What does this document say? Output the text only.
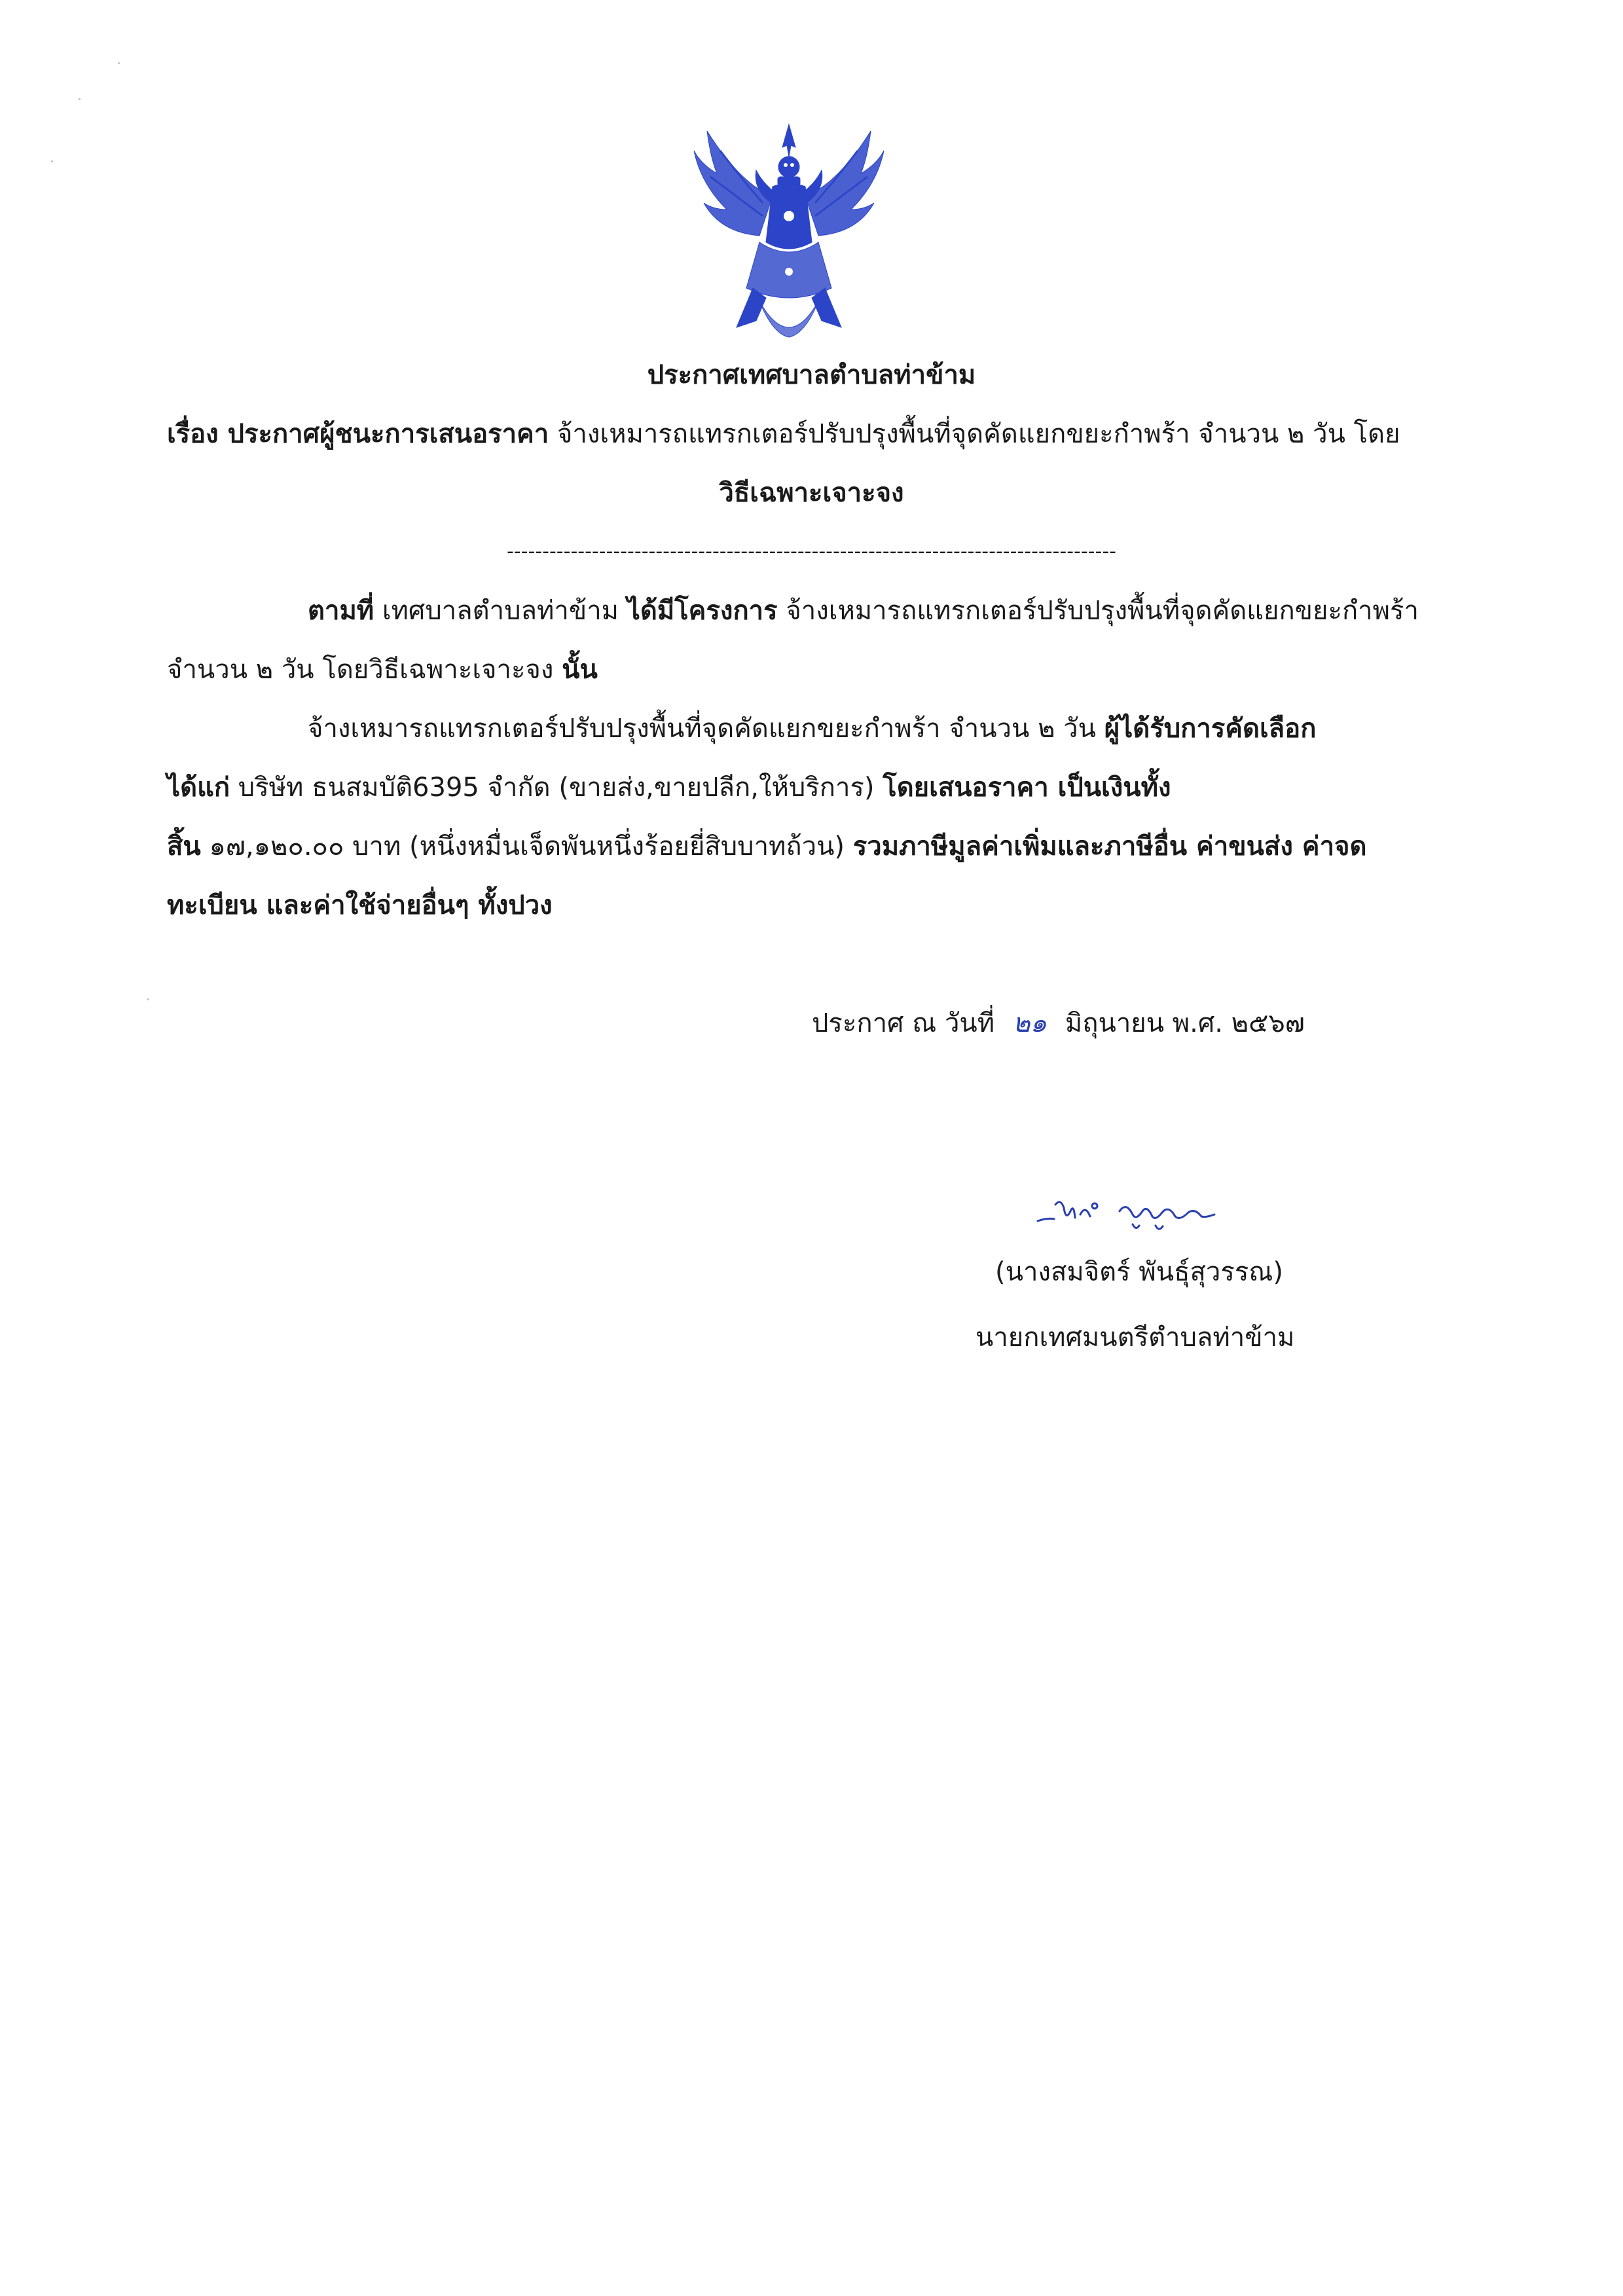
ประกาศเทศบาลตำบลท่าข้าม
เรื่อง ประกาศผู้ชนะการเสนอราคา จ้างเหมารถแทรกเตอร์ปรับปรุงพื้นที่จุดคัดแยกขยะกำพร้า จำนวน ๒ วัน โดย
วิธีเฉพาะเจาะจง
--------------------------------------------------------------------------------------
ตามที่ เทศบาลตำบลท่าข้าม ได้มีโครงการ จ้างเหมารถแทรกเตอร์ปรับปรุงพื้นที่จุดคัดแยกขยะกำพร้า
จำนวน ๒ วัน โดยวิธีเฉพาะเจาะจง นั้น
จ้างเหมารถแทรกเตอร์ปรับปรุงพื้นที่จุดคัดแยกขยะกำพร้า จำนวน ๒ วัน ผู้ได้รับการคัดเลือก
ได้แก่ บริษัท ธนสมบัติ6395 จำกัด (ขายส่ง,ขายปลีก,ให้บริการ) โดยเสนอราคา เป็นเงินทั้ง
สิ้น ๑๗,๑๒๐.๐๐ บาท (หนึ่งหมื่นเจ็ดพันหนึ่งร้อยยี่สิบบาทถ้วน) รวมภาษีมูลค่าเพิ่มและภาษีอื่น ค่าขนส่ง ค่าจด
ทะเบียน และค่าใช้จ่ายอื่นๆ ทั้งปวง
ประกาศ ณ วันที่ ๒๑ มิถุนายน พ.ศ. ๒๕๖๗
(นางสมจิตร์ พันธุ์สุวรรณ)
นายกเทศมนตรีตำบลท่าข้าม
